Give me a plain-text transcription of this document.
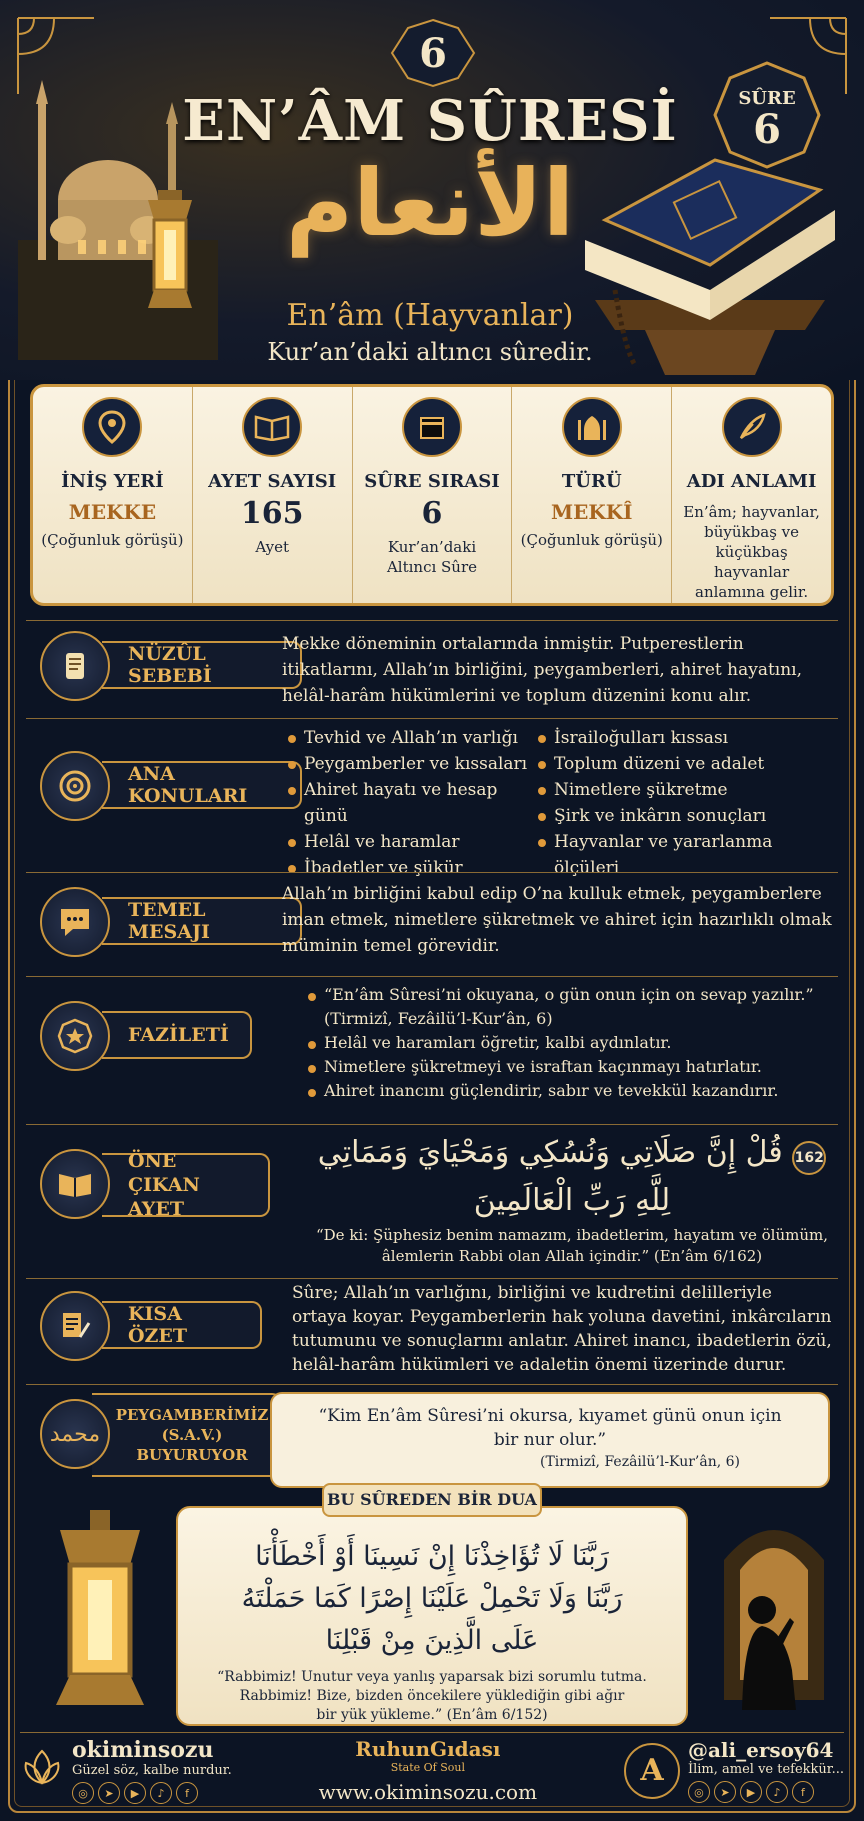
6
EN’ÂM SÛRESİ
الأنعام
En’âm (Hayvanlar)
Kur’an’daki altıncı sûredir.
SÛRE
6
İNİŞ YERİ
MEKKE
(Çoğunluk görüşü)
AYET SAYISI
165
Ayet
SÛRE SIRASI
6
Kur’an’daki Altıncı Sûre
TÜRÜ
MEKKÎ
(Çoğunluk görüşü)
ADI ANLAMI
En’âm; hayvanlar, büyükbaş ve küçükbaş hayvanlar anlamına gelir.
NÜZÛL SEBEBİ
Mekke döneminin ortalarında inmiştir. Putperestlerin itikatlarını, Allah’ın birliğini, peygamberleri, ahiret hayatını, helâl-harâm hükümlerini ve toplum düzenini konu alır.
ANA KONULARI
Tevhid ve Allah’ın varlığı
Peygamberler ve kıssaları
Ahiret hayatı ve hesap günü
Helâl ve haramlar
İbadetler ve şükür
İsrailoğulları kıssası
Toplum düzeni ve adalet
Nimetlere şükretme
Şirk ve inkârın sonuçları
Hayvanlar ve yararlanma ölçüleri
TEMEL MESAJI
Allah’ın birliğini kabul edip O’na kulluk etmek, peygamberlere iman etmek, nimetlere şükretmek ve ahiret için hazırlıklı olmak müminin temel görevidir.
FAZİLETİ
“En’âm Sûresi’ni okuyana, o gün onun için on sevap yazılır.”
(Tirmizî, Fezâilü’l-Kur’ân, 6)
Helâl ve haramları öğretir, kalbi aydınlatır.
Nimetlere şükretmeyi ve israftan kaçınmayı hatırlatır.
Ahiret inancını güçlendirir, sabır ve tevekkül kazandırır.
ÖNE ÇIKAN
AYET
162 قُلْ إِنَّ صَلَاتِي وَنُسُكِي وَمَحْيَايَ وَمَمَاتِي
لِلَّهِ رَبِّ الْعَالَمِينَ
“De ki: Şüphesiz benim namazım, ibadetlerim, hayatım ve ölümüm,
âlemlerin Rabbi olan Allah içindir.” (En’âm 6/162)
KISA ÖZET
Sûre; Allah’ın varlığını, birliğini ve kudretini delilleriyle ortaya koyar. Peygamberlerin hak yoluna davetini, inkârcıların tutumunu ve sonuçlarını anlatır. Ahiret inancı, ibadetlerin özü, helâl-harâm hükümleri ve adaletin önemi üzerinde durur.
PEYGAMBERİMİZ
(S.A.V.)
BUYURUYOR
محمد
“Kim En’âm Sûresi’ni okursa, kıyamet günü onun için
bir nur olur.”
(Tirmizî, Fezâilü’l-Kur’ân, 6)
رَبَّنَا لَا تُؤَاخِذْنَا إِنْ نَسِينَا أَوْ أَخْطَأْنَا
رَبَّنَا وَلَا تَحْمِلْ عَلَيْنَا إِصْرًا كَمَا حَمَلْتَهُ
عَلَى الَّذِينَ مِنْ قَبْلِنَا
“Rabbimiz! Unutur veya yanlış yaparsak bizi sorumlu tutma.
Rabbimiz! Bize, bizden öncekilere yüklediğin gibi ağır
bir yük yükleme.” (En’âm 6/152)
BU SÛREDEN BİR DUA
okiminsozu
Güzel söz, kalbe nurdur.
◎	➤	▶	♪	f
RuhunGıdası
State Of Soul
www.okiminsozu.com
A
@ali_ersoy64
İlim, amel ve tefekkür...
◎	➤	▶	♪	f
